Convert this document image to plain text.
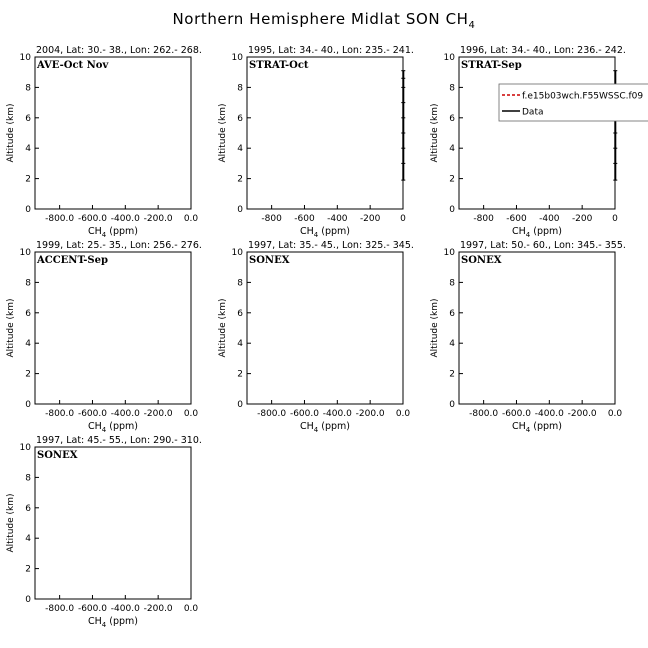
Northern Hemisphere Midlat SON $CH_4$
2004, Lat: 30.- 38., Lon: 262.- 268.
AVE-Oct Nov
0
2
4
6
8
10
-800.0 -600.0 -400.0 -200.0 0.0
$CH_4$ (ppm)
Altitude (km)
1995, Lat: 34.- 40., Lon: 235.- 241.
STRAT-Oct
0
2
4
6
8
10
-800 -600 -400 -200 0
$CH_4$ (ppm)
Altitude (km)
1996, Lat: 34.- 40., Lon: 236.- 242.
STRAT-Sep
0
2
4
6
8
10
-800 -600 -400 -200 0
$CH_4$ (ppm)
Altitude (km)
f.e15b03wch.F55WSSC.f09
Data
1999, Lat: 25.- 35., Lon: 256.- 276.
ACCENT-Sep
0
2
4
6
8
10
-800.0 -600.0 -400.0 -200.0 0.0
$CH_4$ (ppm)
Altitude (km)
1997, Lat: 35.- 45., Lon: 325.- 345.
SONEX
0
2
4
6
8
10
-800.0 -600.0 -400.0 -200.0 0.0
$CH_4$ (ppm)
Altitude (km)
1997, Lat: 50.- 60., Lon: 345.- 355.
SONEX
0
2
4
6
8
10
-800.0 -600.0 -400.0 -200.0 0.0
$CH_4$ (ppm)
Altitude (km)
1997, Lat: 45.- 55., Lon: 290.- 310.
SONEX
0
2
4
6
8
10
-800.0 -600.0 -400.0 -200.0 0.0
$CH_4$ (ppm)
Altitude (km)
